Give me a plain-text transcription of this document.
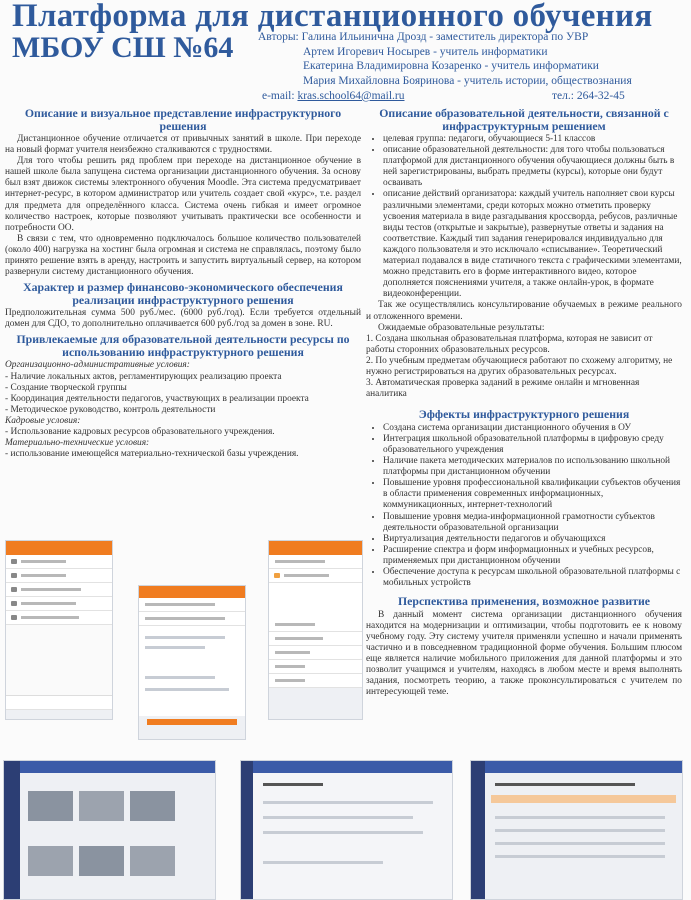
Платформа для дистанционного обучения
МБОУ СШ №64 Авторы: Галина Ильинична Дрозд - заместитель директора по УВР
Артем Игоревич Носырев - учитель информатики
Екатерина Владимировна Козаренко - учитель информатики
Мария Михайловна Бояринова - учитель истории, обществознания
e-mail: kras.school64@mail.ru	тел.: 264-32-45
Описание и визуальное представление инфраструктурного решения

Дистанционное обучение отличается от привычных занятий в школе. При переходе на новый формат учителя неизбежно сталкиваются с трудностями.

Для того чтобы решить ряд проблем при переходе на дистанционное обучение в нашей школе была запущена система организации дистанционного обучения. За основу был взят движок системы электронного обучения Moodle. Эта система предусматривает интернет-ресурс, в котором администратор или учитель создает свой «курс», т.е. раздел для предмета для определённого класса. Система очень гибкая и имеет огромное количество настроек, которые позволяют учитывать практически все особенности и потребности ОО.

В связи с тем, что одновременно подключалось большое количество пользователей (около 400) нагрузка на хостинг была огромная и система не справлялась, поэтому было принято решение взять в аренду, настроить и запустить виртуальный сервер, на котором развернули систему дистанционного обучения.

Характер и размер финансово-экономического обеспечения реализации инфраструктурного решения

Предположительная сумма 500 руб./мес. (6000 руб./год). Если требуется отдельный домен для СДО, то дополнительно оплачивается 600 руб./год за домен в зоне. RU.

Привлекаемые для образовательной деятельности ресурсы по использованию инфраструктурного решения
Организационно-административные условия:
- Наличие локальных актов, регламентирующих реализацию проекта
- Создание творческой группы
- Координация деятельности педагогов, участвующих в реализации проекта
- Методическое руководство, контроль деятельности
Кадровые условия:
- Использование кадровых ресурсов образовательного учреждения.
Материально-технические условия:
- использование имеющейся материально-технической базы учреждения.
Описание образовательной деятельности, связанной с инфраструктурным решением
• целевая группа: педагоги, обучающиеся 5-11 классов
• описание образовательной деятельности: для того чтобы пользоваться платформой для дистанционного обучения обучающиеся должны быть в ней зарегистрированы, выбрать предметы (курсы), которые они будут осваивать
• описание действий организатора: каждый учитель наполняет свои курсы различными элементами, среди которых можно отметить проверку усвоения материала в виде разгадывания кроссворда, ребусов, различные виды тестов (открытые и закрытые), развернутые ответы и задания на соответствие. Каждый тип задания генерировался индивидуально для каждого пользователя и это исключало «списывание». Теоретический материал подавался в виде статичного текста с графическими элементами, можно представить его в форме интерактивного видео, которое дополняется пояснениями учителя, а также онлайн-урок, в формате видеоконференции.

Так же осуществлялись консультирование обучаемых в режиме реального и отложенного времени.

Ожидаемые образовательные результаты:

1. Создана школьная образовательная платформа, которая не зависит от работы сторонних образовательных ресурсов.
2. По учебным предметам обучающиеся работают по схожему алгоритму, не нужно регистрироваться на других образовательных ресурсах.
3. Автоматическая проверка заданий в режиме онлайн и мгновенная аналитика
Эффекты инфраструктурного решения
• Создана система организации дистанционного обучения в ОУ
• Интеграция школьной образовательной платформы в цифровую среду образовательного учреждения
• Наличие пакета методических материалов по использованию школьной платформы при дистанционном обучении
• Повышение уровня профессиональной квалификации субъектов обучения в области применения современных информационных, коммуникационных, интернет-технологий
• Повышение уровня медиа-информационной грамотности субъектов деятельности образовательной организации
• Виртуализация деятельности педагогов и обучающихся
• Расширение спектра и форм информационных и учебных ресурсов, применяемых при дистанционном обучении
• Обеспечение доступа к ресурсам школьной образовательной платформы с мобильных устройств
Перспектива применения, возможное развитие

В данный момент система организации дистанционного обучения находится на модернизации и оптимизации, чтобы подготовить ее к новому учебному году. Эту систему учителя применяли успешно и начали применять частично и в повседневном традиционной форме обучения. Большим плюсом еще является наличие мобильного приложения для данной платформы и это позволит учащимся и учителям, находясь в любом месте и время выполнять задания, посмотреть теорию, а также проконсультироваться с учителем по интересующей теме.
